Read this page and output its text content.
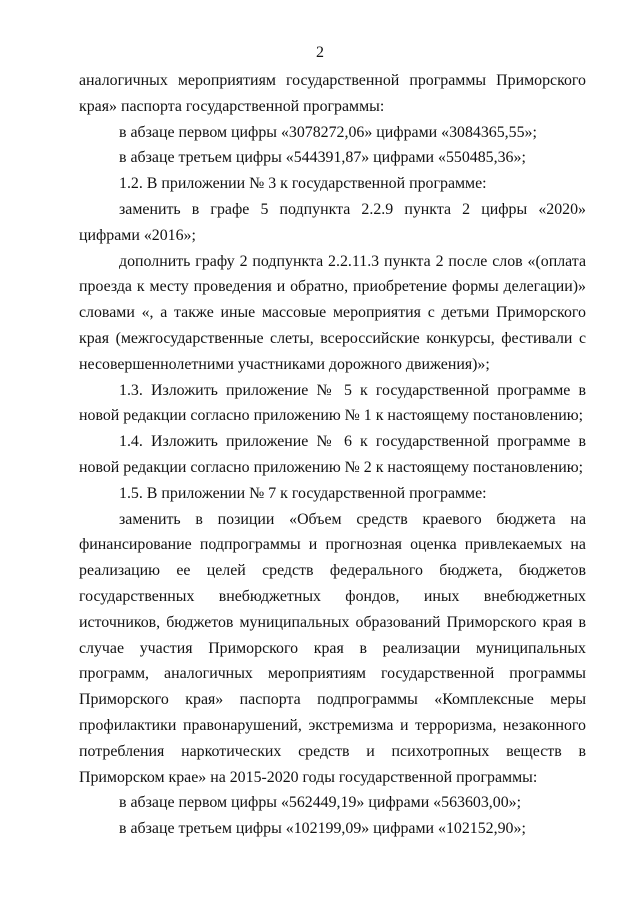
2

аналогичных мероприятиям государственной программы Приморского края» паспорта государственной программы:

в абзаце первом цифры «3078272,06» цифрами «3084365,55»;

в абзаце третьем цифры «544391,87» цифрами «550485,36»;

1.2. В приложении № 3 к государственной программе:

заменить в графе 5 подпункта 2.2.9 пункта 2 цифры «2020» цифрами «2016»;

дополнить графу 2 подпункта 2.2.11.3 пункта 2 после слов «(оплата проезда к месту проведения и обратно, приобретение формы делегации)» словами «, а также иные массовые мероприятия с детьми Приморского края (межгосударственные слеты, всероссийские конкурсы, фестивали с несовершеннолетними участниками дорожного движения)»;

1.3. Изложить приложение № 5 к государственной программе в новой редакции согласно приложению № 1 к настоящему постановлению;

1.4. Изложить приложение № 6 к государственной программе в новой редакции согласно приложению № 2 к настоящему постановлению;

1.5. В приложении № 7 к государственной программе:

заменить в позиции «Объем средств краевого бюджета на финансирование подпрограммы и прогнозная оценка привлекаемых на реализацию ее целей средств федерального бюджета, бюджетов государственных внебюджетных фондов, иных внебюджетных источников, бюджетов муниципальных образований Приморского края в случае участия Приморского края в реализации муниципальных программ, аналогичных мероприятиям государственной программы Приморского края» паспорта подпрограммы «Комплексные меры профилактики правонарушений, экстремизма и терроризма, незаконного потребления наркотических средств и психотропных веществ в Приморском крае» на 2015-2020 годы государственной программы:

в абзаце первом цифры «562449,19» цифрами «563603,00»;

в абзаце третьем цифры «102199,09» цифрами «102152,90»;
